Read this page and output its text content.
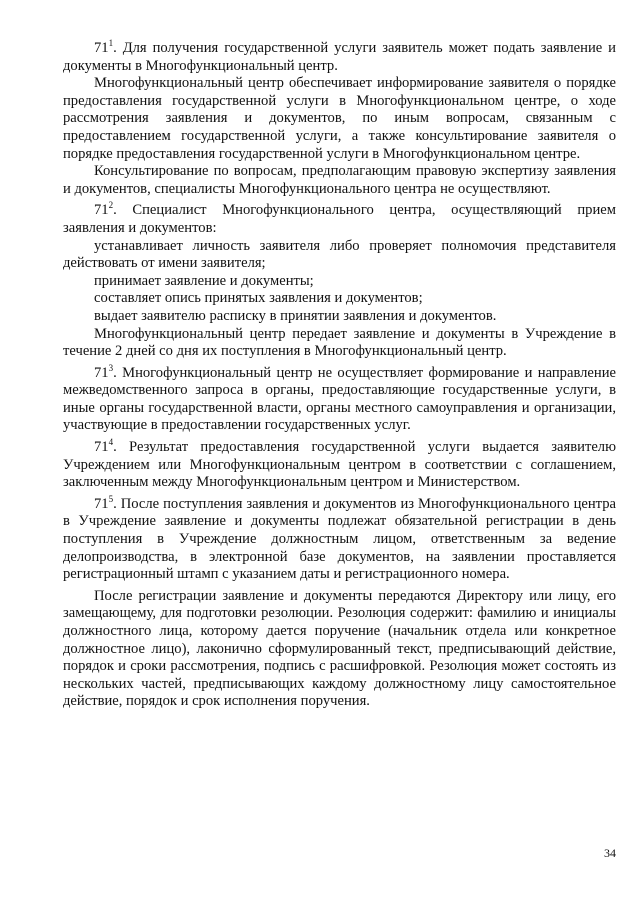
$71^1$. Для получения государственной услуги заявитель может подать заявление и документы в Многофункциональный центр.

Многофункциональный центр обеспечивает информирование заявителя о порядке предоставления государственной услуги в Многофункциональном центре, о ходе рассмотрения заявления и документов, по иным вопросам, связанным с предоставлением государственной услуги, а также консультирование заявителя о порядке предоставления государственной услуги в Многофункциональном центре.

Консультирование по вопросам, предполагающим правовую экспертизу заявления и документов, специалисты Многофункционального центра не осуществляют.

$71^2$. Специалист Многофункционального центра, осуществляющий прием заявления и документов:

устанавливает личность заявителя либо проверяет полномочия представителя действовать от имени заявителя;

принимает заявление и документы;

составляет опись принятых заявления и документов;

выдает заявителю расписку в принятии заявления и документов.

Многофункциональный центр передает заявление и документы в Учреждение в течение 2 дней со дня их поступления в Многофункциональный центр.

$71^3$. Многофункциональный центр не осуществляет формирование и направление межведомственного запроса в органы, предоставляющие государственные услуги, в иные органы государственной власти, органы местного самоуправления и организации, участвующие в предоставлении государственных услуг.

$71^4$. Результат предоставления государственной услуги выдается заявителю Учреждением или Многофункциональным центром в соответствии с соглашением, заключенным между Многофункциональным центром и Министерством.

$71^5$. После поступления заявления и документов из Многофункционального центра в Учреждение заявление и документы подлежат обязательной регистрации в день поступления в Учреждение должностным лицом, ответственным за ведение делопроизводства, в электронной базе документов, на заявлении проставляется регистрационный штамп с указанием даты и регистрационного номера.

После регистрации заявление и документы передаются Директору или лицу, его замещающему, для подготовки резолюции. Резолюция содержит: фамилию и инициалы должностного лица, которому дается поручение (начальник отдела или конкретное должностное лицо), лаконично сформулированный текст, предписывающий действие, порядок и сроки рассмотрения, подпись с расшифровкой. Резолюция может состоять из нескольких частей, предписывающих каждому должностному лицу самостоятельное действие, порядок и срок исполнения поручения.

34
